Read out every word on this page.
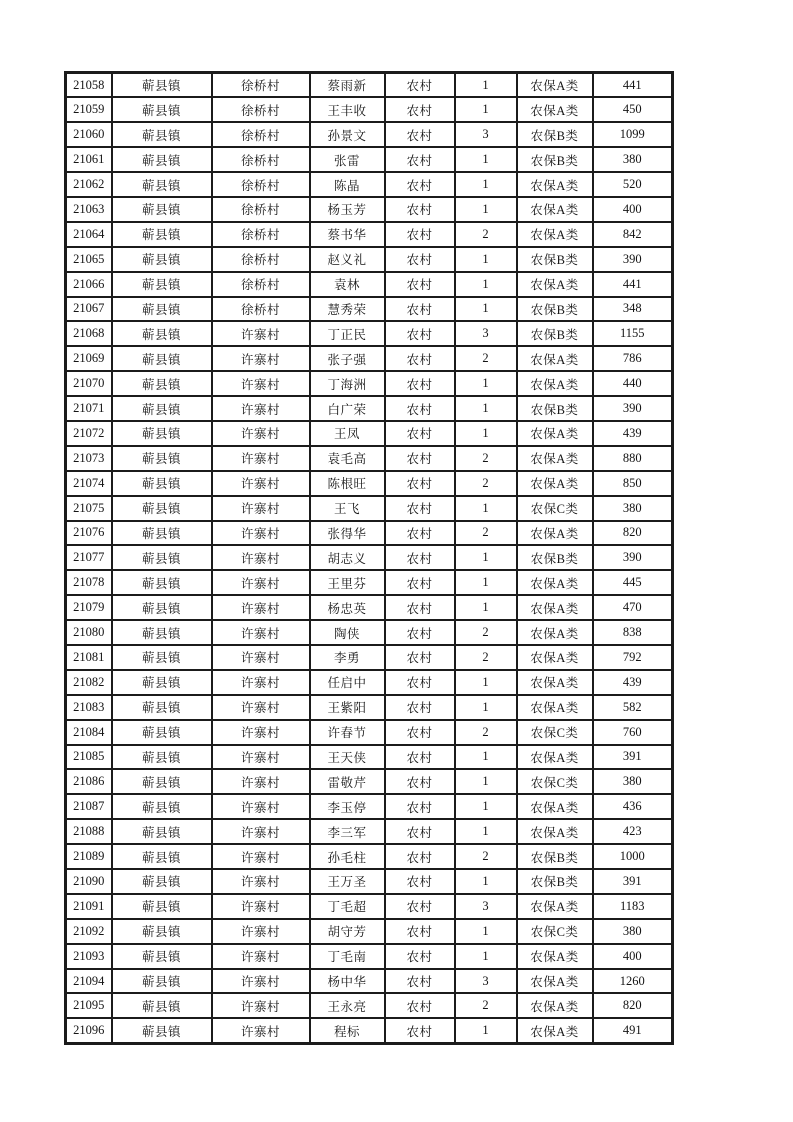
21058	蕲县镇	徐桥村	蔡雨新	农村	1	农保A类	441
21059	蕲县镇	徐桥村	王丰收	农村	1	农保A类	450
21060	蕲县镇	徐桥村	孙景文	农村	3	农保B类	1099
21061	蕲县镇	徐桥村	张雷	农村	1	农保B类	380
21062	蕲县镇	徐桥村	陈晶	农村	1	农保A类	520
21063	蕲县镇	徐桥村	杨玉芳	农村	1	农保A类	400
21064	蕲县镇	徐桥村	蔡书华	农村	2	农保A类	842
21065	蕲县镇	徐桥村	赵义礼	农村	1	农保B类	390
21066	蕲县镇	徐桥村	袁林	农村	1	农保A类	441
21067	蕲县镇	徐桥村	慧秀荣	农村	1	农保B类	348
21068	蕲县镇	许寨村	丁正民	农村	3	农保B类	1155
21069	蕲县镇	许寨村	张子强	农村	2	农保A类	786
21070	蕲县镇	许寨村	丁海洲	农村	1	农保A类	440
21071	蕲县镇	许寨村	白广荣	农村	1	农保B类	390
21072	蕲县镇	许寨村	王凤	农村	1	农保A类	439
21073	蕲县镇	许寨村	袁毛高	农村	2	农保A类	880
21074	蕲县镇	许寨村	陈根旺	农村	2	农保A类	850
21075	蕲县镇	许寨村	王飞	农村	1	农保C类	380
21076	蕲县镇	许寨村	张得华	农村	2	农保A类	820
21077	蕲县镇	许寨村	胡志义	农村	1	农保B类	390
21078	蕲县镇	许寨村	王里芬	农村	1	农保A类	445
21079	蕲县镇	许寨村	杨忠英	农村	1	农保A类	470
21080	蕲县镇	许寨村	陶侠	农村	2	农保A类	838
21081	蕲县镇	许寨村	李勇	农村	2	农保A类	792
21082	蕲县镇	许寨村	任启中	农村	1	农保A类	439
21083	蕲县镇	许寨村	王紫阳	农村	1	农保A类	582
21084	蕲县镇	许寨村	许春节	农村	2	农保C类	760
21085	蕲县镇	许寨村	王天侠	农村	1	农保A类	391
21086	蕲县镇	许寨村	雷敬芹	农村	1	农保C类	380
21087	蕲县镇	许寨村	李玉停	农村	1	农保A类	436
21088	蕲县镇	许寨村	李三军	农村	1	农保A类	423
21089	蕲县镇	许寨村	孙毛柱	农村	2	农保B类	1000
21090	蕲县镇	许寨村	王万圣	农村	1	农保B类	391
21091	蕲县镇	许寨村	丁毛超	农村	3	农保A类	1183
21092	蕲县镇	许寨村	胡守芳	农村	1	农保C类	380
21093	蕲县镇	许寨村	丁毛南	农村	1	农保A类	400
21094	蕲县镇	许寨村	杨中华	农村	3	农保A类	1260
21095	蕲县镇	许寨村	王永亮	农村	2	农保A类	820
21096	蕲县镇	许寨村	程标	农村	1	农保A类	491
